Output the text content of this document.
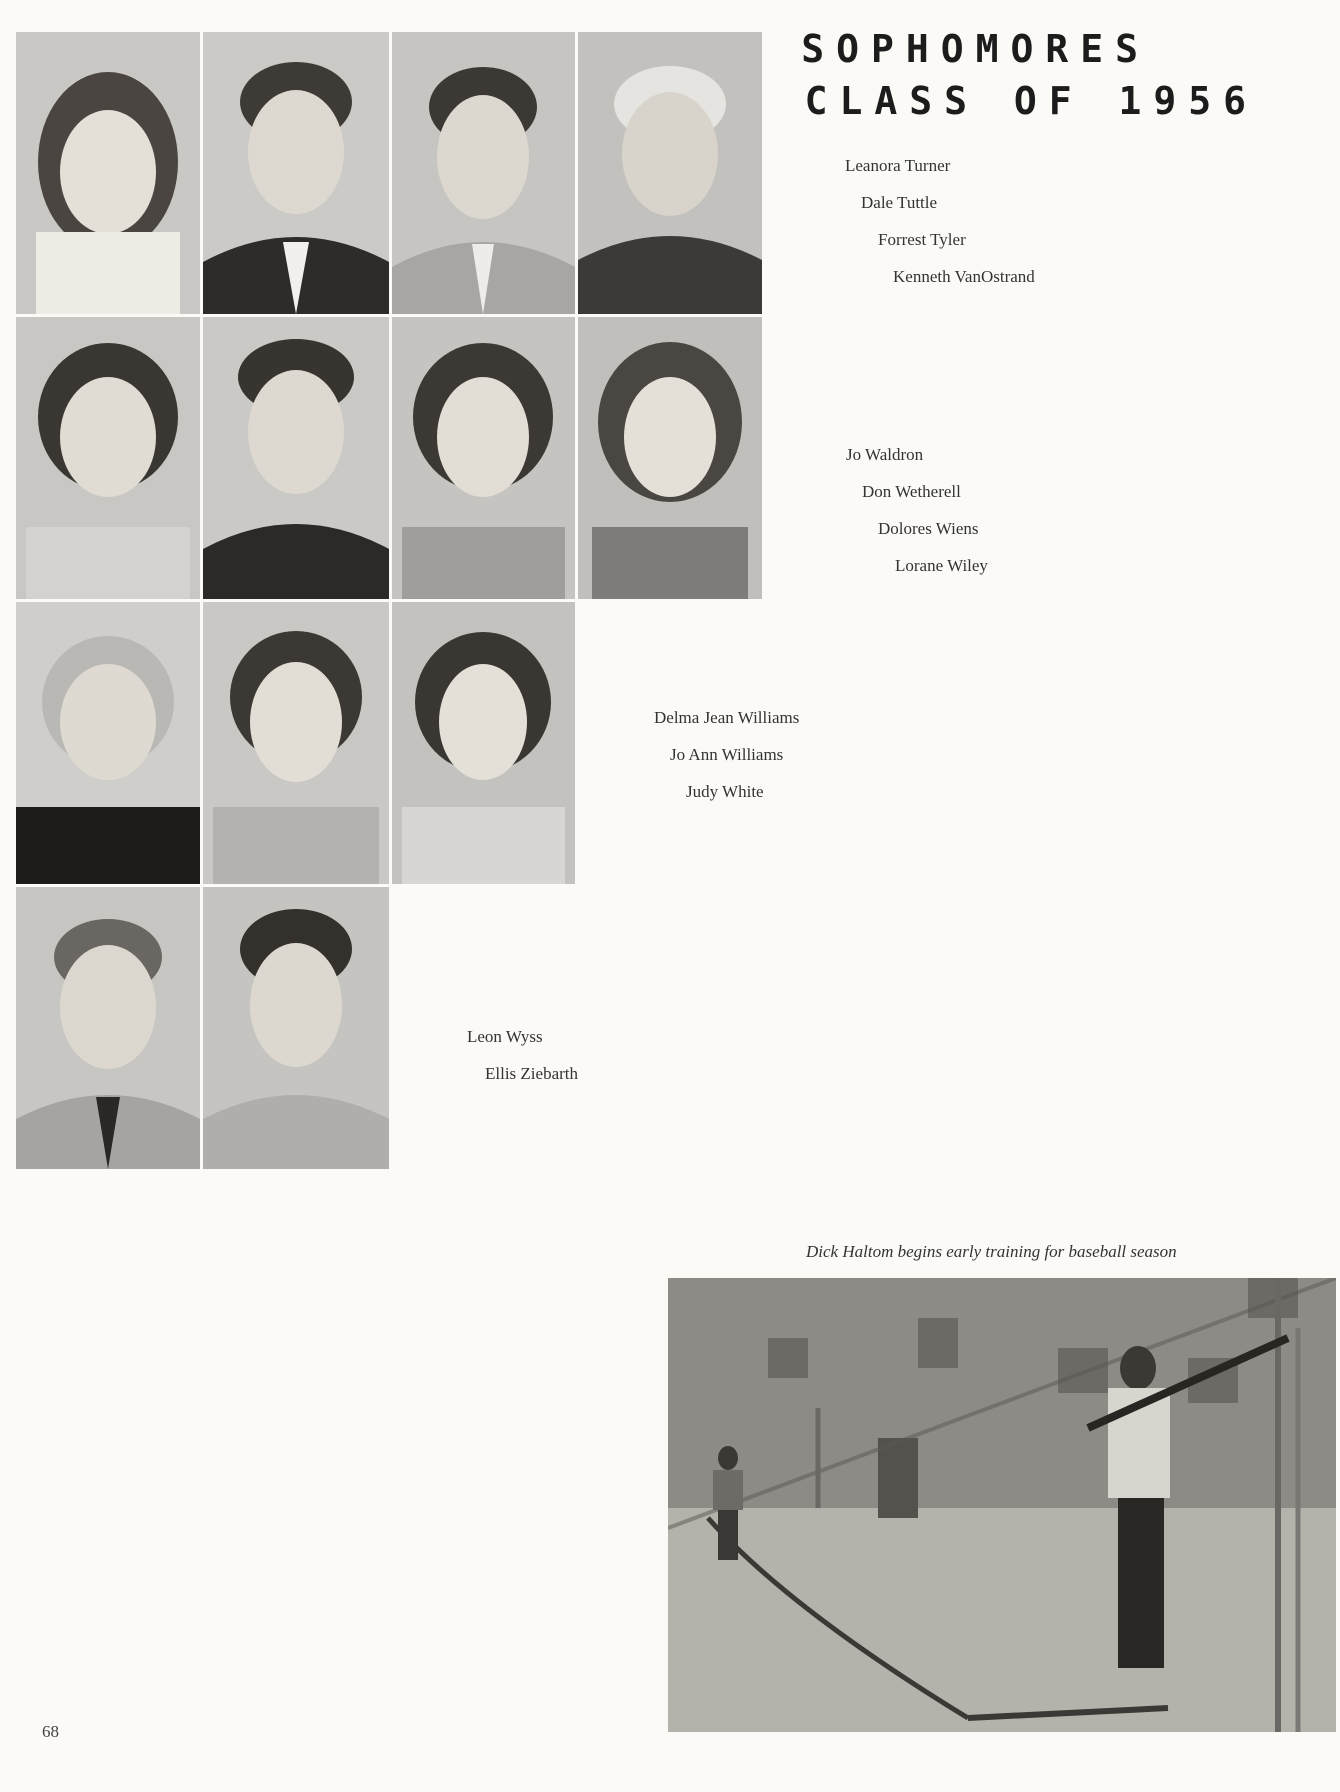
SOPHOMORES
CLASS OF 1956
Leanora Turner
Dale Tuttle
Forrest Tyler
Kenneth VanOstrand
Jo Waldron
Don Wetherell
Dolores Wiens
Lorane Wiley
Delma Jean Williams
Jo Ann Williams
Judy White
Leon Wyss
Ellis Ziebarth
Dick Haltom begins early training for baseball season
68
